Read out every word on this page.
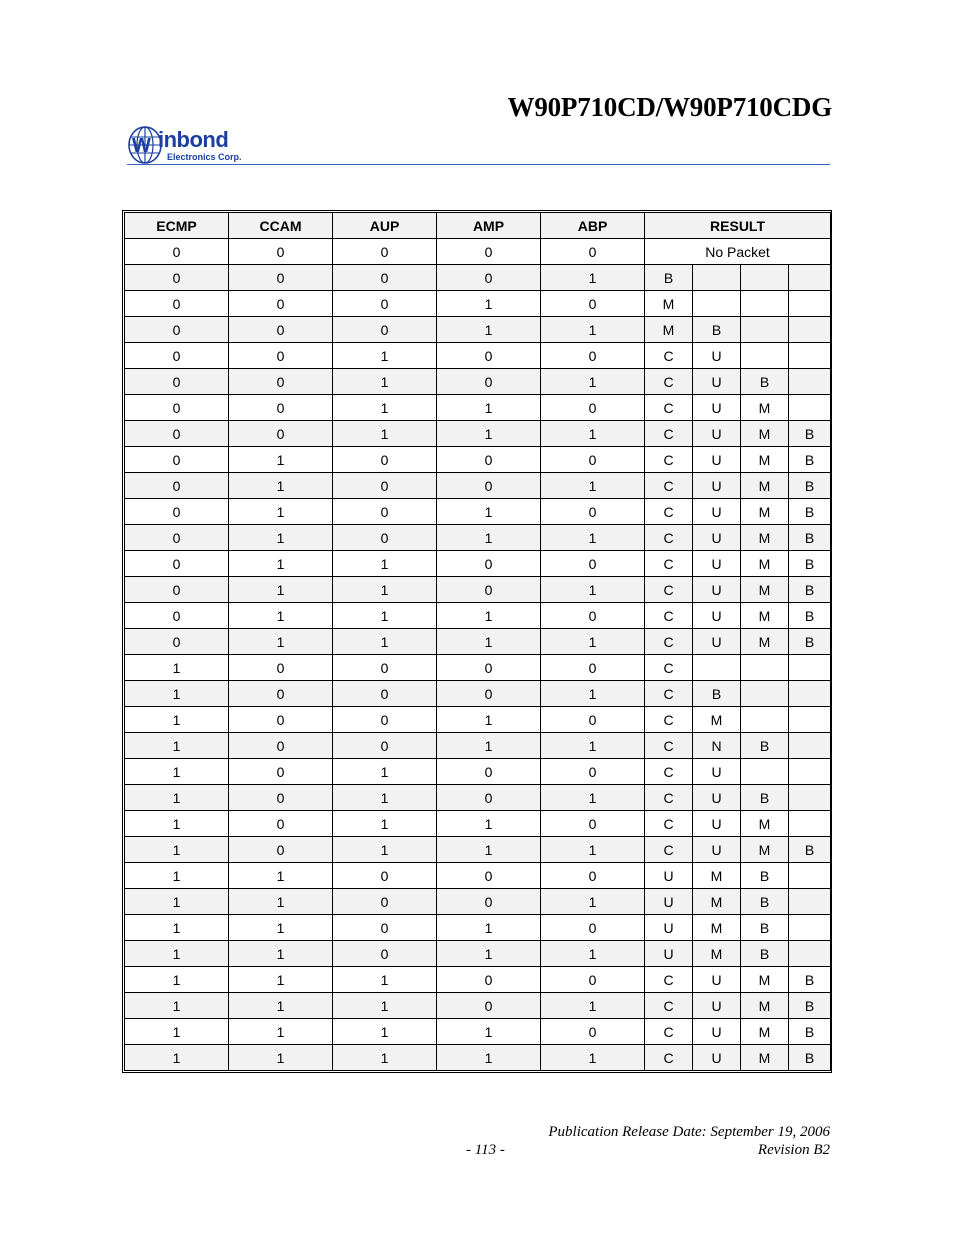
W90P710CD/W90P710CDG
W inbond
Electronics Corp.
ECMP	CCAM	AUP	AMP	ABP	RESULT			
0	0	0	0	0	No Packet			
0	0	0	0	1	B			
0	0	0	1	0	M			
0	0	0	1	1	M	B		
0	0	1	0	0	C	U		
0	0	1	0	1	C	U	B	
0	0	1	1	0	C	U	M	
0	0	1	1	1	C	U	M	B
0	1	0	0	0	C	U	M	B
0	1	0	0	1	C	U	M	B
0	1	0	1	0	C	U	M	B
0	1	0	1	1	C	U	M	B
0	1	1	0	0	C	U	M	B
0	1	1	0	1	C	U	M	B
0	1	1	1	0	C	U	M	B
0	1	1	1	1	C	U	M	B
1	0	0	0	0	C			
1	0	0	0	1	C	B		
1	0	0	1	0	C	M		
1	0	0	1	1	C	N	B	
1	0	1	0	0	C	U		
1	0	1	0	1	C	U	B	
1	0	1	1	0	C	U	M	
1	0	1	1	1	C	U	M	B
1	1	0	0	0	U	M	B	
1	1	0	0	1	U	M	B	
1	1	0	1	0	U	M	B	
1	1	0	1	1	U	M	B	
1	1	1	0	0	C	U	M	B
1	1	1	0	1	C	U	M	B
1	1	1	1	0	C	U	M	B
1	1	1	1	1	C	U	M	B

Publication Release Date: September 19, 2006

- 113 -	Revision B2
